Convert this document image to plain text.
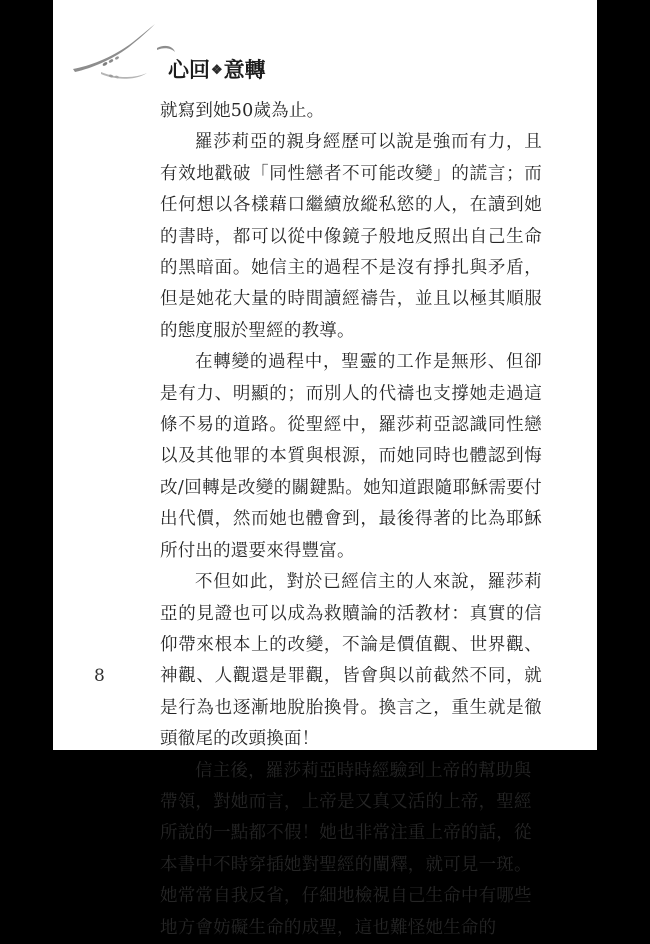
心回❖意轉

就寫到她50歲為止。

羅莎莉亞的親身經歷可以說是強而有力，且有效地戳破「同性戀者不可能改變」的謊言；而任何想以各樣藉口繼續放縱私慾的人，在讀到她的書時，都可以從中像鏡子般地反照出自己生命的黑暗面。她信主的過程不是沒有掙扎與矛盾，但是她花大量的時間讀經禱告，並且以極其順服的態度服於聖經的教導。

在轉變的過程中，聖靈的工作是無形、但卻是有力、明顯的；而別人的代禱也支撐她走過這條不易的道路。從聖經中，羅莎莉亞認識同性戀以及其他罪的本質與根源，而她同時也體認到悔改/回轉是改變的關鍵點。她知道跟隨耶穌需要付出代價，然而她也體會到，最後得著的比為耶穌所付出的還要來得豐富。

不但如此，對於已經信主的人來說，羅莎莉亞的見證也可以成為救贖論的活教材：真實的信仰帶來根本上的改變，不論是價值觀、世界觀、神觀、人觀還是罪觀，皆會與以前截然不同，就是行為也逐漸地脫胎換骨。換言之，重生就是徹頭徹尾的改頭換面！

信主後，羅莎莉亞時時經驗到上帝的幫助與帶領，對她而言，上帝是又真又活的上帝，聖經所說的一點都不假！她也非常注重上帝的話，從本書中不時穿插她對聖經的闡釋，就可見一斑。她常常自我反省，仔細地檢視自己生命中有哪些地方會妨礙生命的成聖，這也難怪她生命的

8
